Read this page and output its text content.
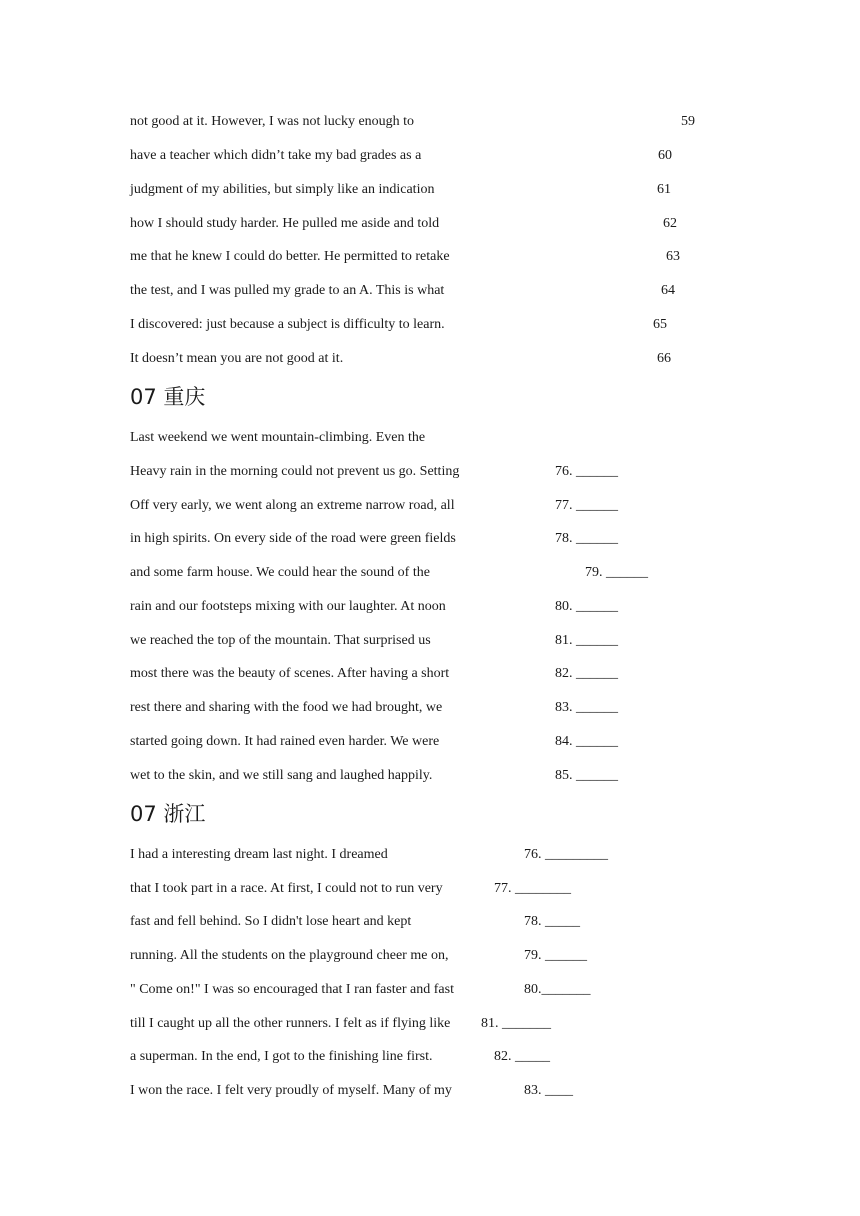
not good at it. However, I was not lucky enough to	59
have a teacher which didn’t take my bad grades as a	60
judgment of my abilities, but simply like an indication	61
how I should study harder. He pulled me aside and told	62
me that he knew I could do better. He permitted to retake	63
the test, and I was pulled my grade to an A. This is what	64
I discovered: just because a subject is difficulty to learn.	65
It doesn’t mean you are not good at it.	66
07 重庆
Last weekend we went mountain-climbing. Even the
Heavy rain in the morning could not prevent us go. Setting	76. ______
Off very early, we went along an extreme narrow road, all	77. ______
in high spirits. On every side of the road were green fields	78. ______
and some farm house. We could hear the sound of the	79. ______
rain and our footsteps mixing with our laughter. At noon	80. ______
we reached the top of the mountain. That surprised us	81. ______
most there was the beauty of scenes. After having a short	82. ______
rest there and sharing with the food we had brought, we	83. ______
started going down. It had rained even harder. We were	84. ______
wet to the skin, and we still sang and laughed happily.	85. ______
07 浙江
I had a interesting dream last night. I dreamed	76. _________
that I took part in a race. At first, I could not to run very	77. ________
fast and fell behind. So I didn't lose heart and kept	78. _____
running. All the students on the playground cheer me on,	79. ______
" Come on!" I was so encouraged that I ran faster and fast	80._______
till I caught up all the other runners. I felt as if flying like 81. _______
a superman. In the end, I got to the finishing line first.	82. _____
I won the race. I felt very proudly of myself. Many of my	83. ____
